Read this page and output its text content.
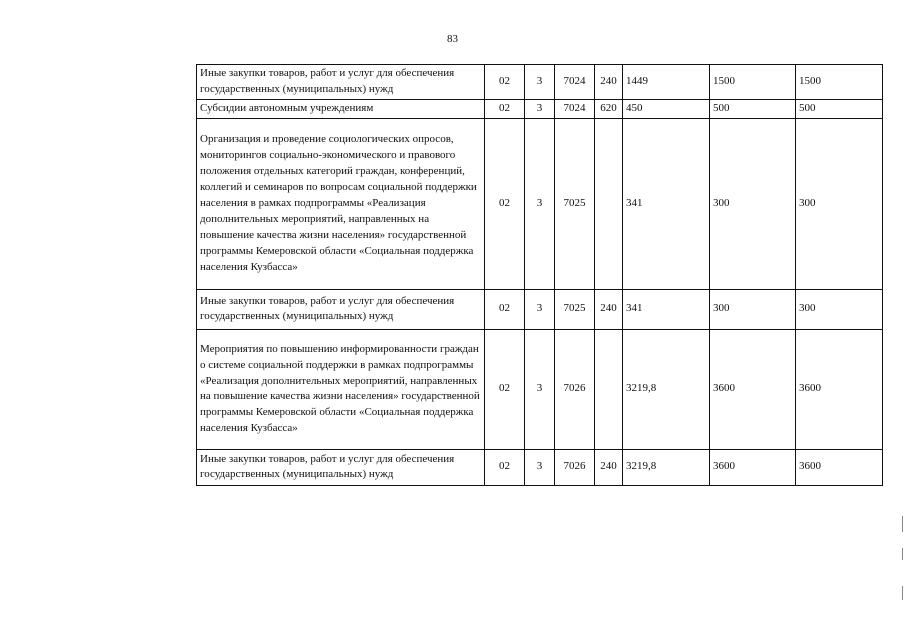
83
Иные закупки товаров, работ и услуг для обеспечения государственных (муниципальных) нужд	02	3	7024	240	1449	1500	1500
Субсидии автономным учреждениям	02	3	7024	620	450	500	500
Организация и проведение социологических опросов, мониторингов социально-экономического и правового положения отдельных категорий граждан, конференций, коллегий и семинаров по вопросам социальной поддержки населения в рамках подпрограммы «Реализация дополнительных мероприятий, направленных на повышение качества жизни населения» государственной программы Кемеровской области «Социальная поддержка населения Кузбасса»	02	3	7025		341	300	300
Иные закупки товаров, работ и услуг для обеспечения государственных (муниципальных) нужд	02	3	7025	240	341	300	300
Мероприятия по повышению информированности граждан о системе социальной поддержки в рамках подпрограммы «Реализация дополнительных мероприятий, направленных на повышение качества жизни населения» государственной программы Кемеровской области «Социальная поддержка населения Кузбасса»	02	3	7026		3219,8	3600	3600
Иные закупки товаров, работ и услуг для обеспечения государственных (муниципальных) нужд	02	3	7026	240	3219,8	3600	3600
